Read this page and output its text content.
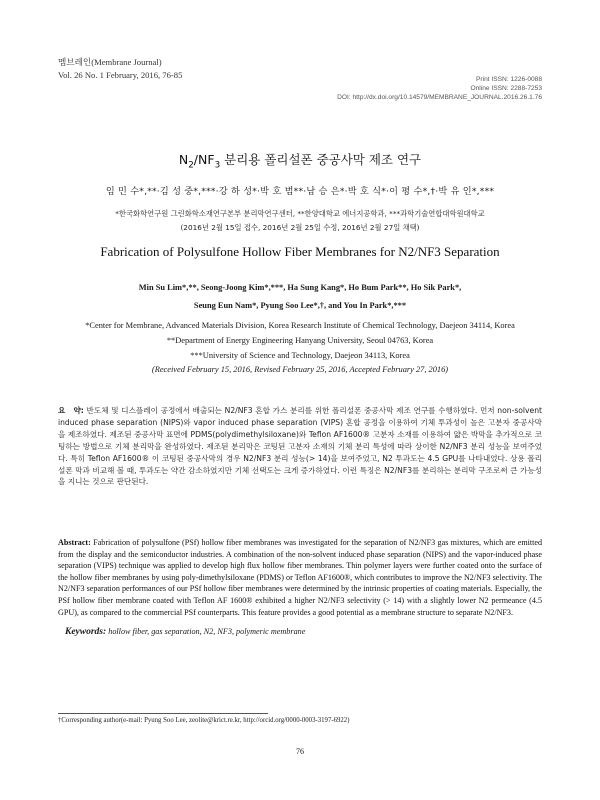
멤브레인(Membrane Journal)
Vol. 26 No. 1 February, 2016, 76-85	Print ISSN: 1226-0088
Online ISSN: 2288-7253
DOI: http://dx.doi.org/10.14579/MEMBRANE_JOURNAL.2016.26.1.76
$N_2/NF_3$ 분리용 폴리설폰 중공사막 제조 연구
임 민 수*,**·김 성 중*,***·강 하 성*·박 호 범**·남 승 은*·박 호 식*·이 평 수*,†·박 유 인*,***
*한국화학연구원 그린화학소재연구본부 분리막연구센터, **한양대학교 에너지공학과, ***과학기술연합대학원대학교
(2016년 2월 15일 접수, 2016년 2월 25일 수정, 2016년 2월 27일 채택)
Fabrication of Polysulfone Hollow Fiber Membranes for N2/NF3 Separation
Min Su Lim*,**, Seong-Joong Kim*,***, Ha Sung Kang*, Ho Bum Park**, Ho Sik Park*,
Seung Eun Nam*, Pyung Soo Lee*,†, and You In Park*,***
*Center for Membrane, Advanced Materials Division, Korea Research Institute of Chemical Technology, Daejeon 34114, Korea
**Department of Energy Engineering Hanyang University, Seoul 04763, Korea
***University of Science and Technology, Daejeon 34113, Korea
(Received February 15, 2016, Revised February 25, 2016, Accepted February 27, 2016)
요　약: 반도체 및 디스플레이 공정에서 배출되는 N2/NF3 혼합 가스 분리를 위한 폴리설폰 중공사막 제조 연구를 수행하였다. 먼저 non-solvent induced phase separation (NIPS)와 vapor induced phase separation (VIPS) 혼합 공정을 이용하여 기체 투과성이 높은 고분자 중공사막을 제조하였다. 제조된 중공사막 표면에 PDMS(polydimethylsiloxane)와 Teflon AF1600® 고분자 소재를 이용하여 얇은 박막을 추가적으로 코팅하는 방법으로 기체 분리막을 완성하였다. 제조된 분리막은 코팅된 고분자 소재의 기체 분리 특성에 따라 상이한 N2/NF3 분리 성능을 보여주었다. 특히 Teflon AF1600® 이 코팅된 중공사막의 경우 N2/NF3 분리 성능(> 14)을 보여주었고, N2 투과도는 4.5 GPU를 나타내었다. 상용 폴리설폰 막과 비교해 볼 때, 투과도는 약간 감소하였지만 기체 선택도는 크게 증가하였다. 이런 특징은 N2/NF3를 분리하는 분리막 구조로써 큰 가능성을 지니는 것으로 판단된다.
Abstract: Fabrication of polysulfone (PSf) hollow fiber membranes was investigated for the separation of N2/NF3 gas mixtures, which are emitted from the display and the semiconductor industries. A combination of the non-solvent induced phase separation (NIPS) and the vapor-induced phase separation (VIPS) technique was applied to develop high flux hollow fiber membranes. Thin polymer layers were further coated onto the surface of the hollow fiber membranes by using poly-dimethylsiloxane (PDMS) or Teflon AF1600®, which contributes to improve the N2/NF3 selectivity. The N2/NF3 separation performances of our PSf hollow fiber membranes were determined by the intrinsic properties of coating materials. Especially, the PSf hollow fiber membrane coated with Teflon AF 1600® exhibited a higher N2/NF3 selectivity (> 14) with a slightly lower N2 permeance (4.5 GPU), as compared to the commercial PSf counterparts. This feature provides a good potential as a membrane structure to separate N2/NF3.
Keywords: hollow fiber, gas separation, N2, NF3, polymeric membrane
†Corresponding author(e-mail: Pyung Soo Lee, zeolite@krict.re.kr, http://orcid.org/0000-0003-3197-6922)
76
